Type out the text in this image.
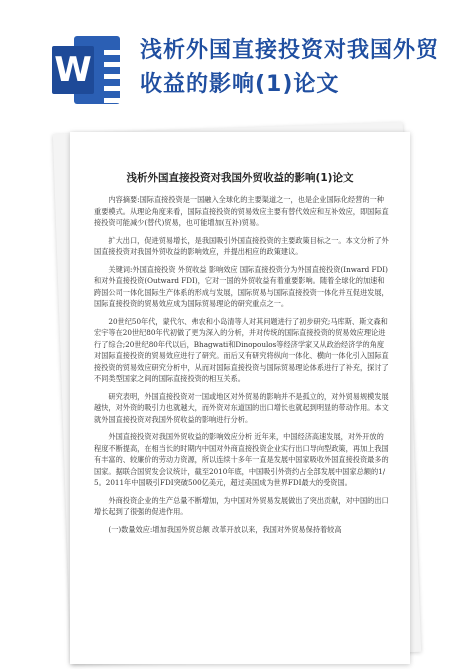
W 浅析外国直接投资对我国外贸收益的影响(1)论文
浅析外国直接投资对我国外贸收益的影响(1)论文

内容摘要:国际直接投资是一国融入全球化的主要渠道之一，也是企业国际化经营的一种重要模式。从理论角度来看，国际直接投资的贸易效应主要有替代效应和互补效应，即国际直接投资可能减少(替代)贸易，也可能增加(互补)贸易。

扩大出口，促进贸易增长，是我国吸引外国直接投资的主要政策目标之一。本文分析了外国直接投资对我国外贸收益的影响效应，并提出相应的政策建议。

关键词:外国直接投资 外贸收益 影响效应 国际直接投资分为外国直接投资(Inward FDI)和对外直接投资(Outward FDI)，它对一国的外贸收益有着重要影响。随着全球化的加速和跨国公司一体化国际生产体系的形成与发展，国际贸易与国际直接投资一体化并互促进发展，国际直接投资的贸易效应成为国际贸易理论的研究重点之一。

20世纪50年代，蒙代尔、弗农和小岛清等人对其问题进行了初步研究;马库斯、斯文森和宏宇等在20世纪80年代初做了更为深入的分析，并对传统的国际直接投资的贸易效应理论进行了综合;20世纪80年代以后，Bhagwati和Dinopoulos等经济学家又从政治经济学的角度对国际直接投资的贸易效应进行了研究。而后又有研究将纵向一体化、横向一体化引入国际直接投资的贸易效应研究分析中，从而对国际直接投资与国际贸易理论体系进行了补充，探讨了不同类型国家之间的国际直接投资的相互关系。

研究表明，外国直接投资对一国或地区对外贸易的影响并不是孤立的，对外贸易规模发展越快，对外资的吸引力也就越大，而外资对东道国的出口增长也就起到明显的带动作用。本文就外国直接投资对我国外贸收益的影响进行分析。

外国直接投资对我国外贸收益的影响效应分析 近年来，中国经济高速发展，对外开放的程度不断提高，在相当长的时期内中国对外商直接投资企业实行出口导向型政策，再加上我国有丰富的、较廉价的劳动力资源，所以连续十多年一直是发展中国家吸收外国直接投资最多的国家。据联合国贸发会议统计，截至2010年底，中国吸引外资约占全部发展中国家总额的1/5。2011年中国吸引FDI突破500亿美元，超过美国成为世界FDI最大的受资国。

外商投资企业的生产总量不断增加，为中国对外贸易发展做出了突出贡献，对中国的出口增长起到了很强的促进作用。

(一)数量效应:增加我国外贸总额 改革开放以来，我国对外贸易保持着较高
